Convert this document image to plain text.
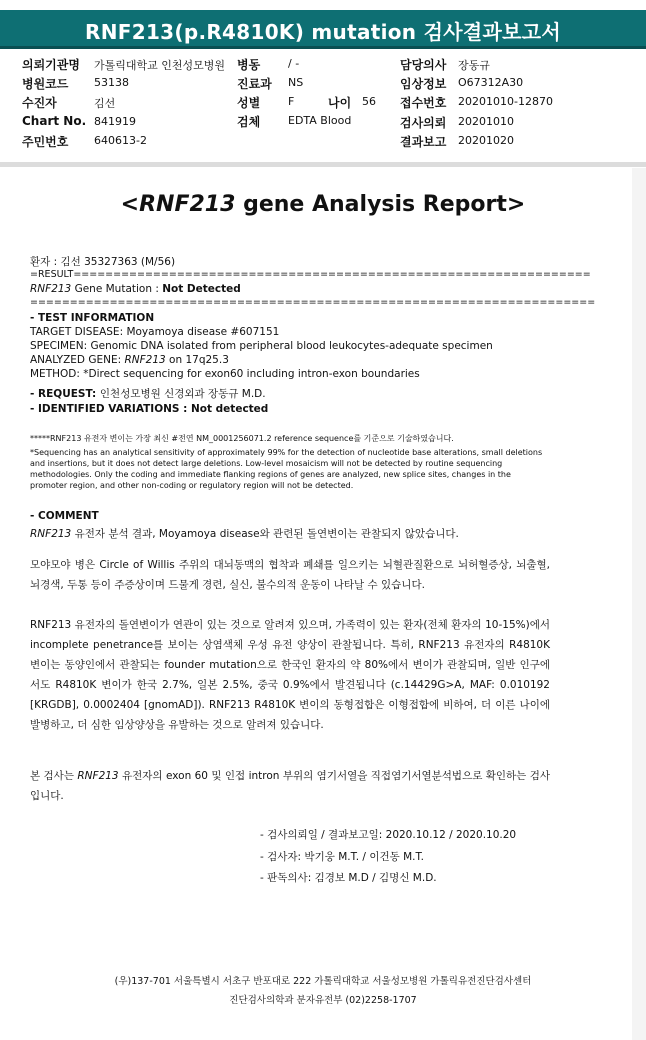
RNF213(p.R4810K) mutation 검사결과보고서
의뢰기관명 가톨릭대학교 인천성모병원 병동	/ -	담당의사 장동규
병원코드 53138	진료과 NS	임상정보 O67312A30
수진자	김선	성별	F	나이 56 접수번호 20201010-12870
Chart No. 841919	검체	EDTA Blood	검사의뢰 20201010
주민번호 640613-2	결과보고 20201020
<RNF213 gene Analysis Report>
환자 : 김선 35327363 (M/56)
=RESULT=================================================================
RNF213 Gene Mutation : Not Detected
=======================================================================
- TEST INFORMATION
TARGET DISEASE: Moyamoya disease #607151
SPECIMEN: Genomic DNA isolated from peripheral blood leukocytes-adequate specimen
ANALYZED GENE: RNF213 on 17q25.3
METHOD: *Direct sequencing for exon60 including intron-exon boundaries
- REQUEST: 인천성모병원 신경외과 장동규 M.D.
- IDENTIFIED VARIATIONS : Not detected
*****RNF213 유전자 변이는 가장 최신 #전연 NM_0001256071.2 reference sequence를 기준으로 기술하였습니다.
*Sequencing has an analytical sensitivity of approximately 99% for the detection of nucleotide base alterations, small deletions and insertions, but it does not detect large deletions. Low-level mosaicism will not be detected by routine sequencing methodologies. Only the coding and immediate flanking regions of genes are analyzed, new splice sites, changes in the promoter region, and other non-coding or regulatory region will not be detected.
- COMMENT
RNF213 유전자 분석 결과, Moyamoya disease와 관련된 돌연변이는 관찰되지 않았습니다.
모야모야 병은 Circle of Willis 주위의 대뇌동맥의 협착과 폐쇄를 일으키는 뇌혈관질환으로 뇌허혈증상, 뇌출혈, 뇌경색, 두통 등이 주증상이며 드물게 경련, 실신, 불수의적 운동이 나타날 수 있습니다.
RNF213 유전자의 돌연변이가 연관이 있는 것으로 알려져 있으며, 가족력이 있는 환자(전체 환자의 10-15%)에서 incomplete penetrance를 보이는 상염색체 우성 유전 양상이 관찰됩니다. 특히, RNF213 유전자의 R4810K 변이는 동양인에서 관찰되는 founder mutation으로 한국인 환자의 약 80%에서 변이가 관찰되며, 일반 인구에서도 R4810K 변이가 한국 2.7%, 일본 2.5%, 중국 0.9%에서 발견됩니다 (c.14429G>A, MAF: 0.010192 [KRGDB], 0.0002404 [gnomAD]). RNF213 R4810K 변이의 동형접합은 이형접합에 비하여, 더 이른 나이에 발병하고, 더 심한 임상양상을 유발하는 것으로 알려져 있습니다.
본 검사는 RNF213 유전자의 exon 60 및 인접 intron 부위의 염기서열을 직접염기서열분석법으로 확인하는 검사입니다.
- 검사의뢰일 / 결과보고일: 2020.10.12 / 2020.10.20
- 검사자: 박기웅 M.T. / 이건동 M.T.
- 판독의사: 김경보 M.D / 김명신 M.D.
(우)137-701 서울특별시 서초구 반포대로 222 가톨릭대학교 서울성모병원 가톨릭유전진단검사센터
진단검사의학과 분자유전부 (02)2258-1707
